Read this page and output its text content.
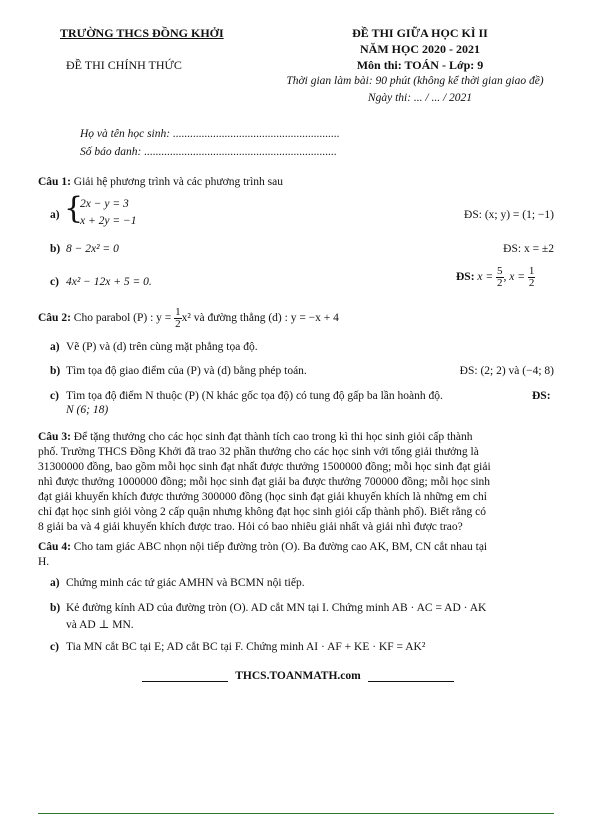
TRƯỜNG THCS ĐỒNG KHỞI
ĐỀ THI CHÍNH THỨC
ĐỀ THI GIỮA HỌC KÌ II
NĂM HỌC 2020 - 2021
Môn thi: TOÁN - Lớp: 9
Thời gian làm bài: 90 phút (không kể thời gian giao đề)
Ngày thi: ... / ... / 2021
Họ và tên học sinh: ..........................................................
Số báo danh: ...................................................................
Câu 1: Giải hệ phương trình và các phương trình sau
a) {
2x − y = 3
x + 2y = −1	ĐS: (x; y) = (1; −1)
b) 8 − 2x² = 0	ĐS: x = ±2
c) 4x² − 12x + 5 = 0.	ĐS: $x = \frac{5}{2}$ , $x = \frac{1}{2}$
Câu 2: Cho parabol (P) : $y = \frac{1}{2} x^2$ và đường thẳng (d) : y = −x + 4
a) Vẽ (P) và (d) trên cùng mặt phẳng tọa độ.
b) Tìm tọa độ giao điểm của (P) và (d) bằng phép toán.	ĐS: (2; 2) và (−4; 8)
c) Tìm tọa độ điểm N thuộc (P) (N khác gốc tọa độ) có tung độ gấp ba lần hoành độ.	ĐS:
N (6; 18)
Câu 3: Để tặng thưởng cho các học sinh đạt thành tích cao trong kì thi học sinh giỏi cấp thành
phố. Trường THCS Đồng Khởi đã trao 32 phần thưởng cho các học sinh với tổng giải thưởng là
31300000 đồng, bao gồm mỗi học sinh đạt nhất được thưởng 1500000 đồng; mỗi học sinh đạt giải
nhì được thưởng 1000000 đồng; mỗi học sinh đạt giải ba được thưởng 700000 đồng; mỗi học sinh
đạt giải khuyến khích được thưởng 300000 đồng (học sinh đạt giải khuyến khích là những em chỉ
chỉ đạt học sinh giỏi vòng 2 cấp quận nhưng không đạt học sinh giỏi cấp thành phố). Biết rằng có
8 giải ba và 4 giải khuyến khích được trao. Hỏi có bao nhiêu giải nhất và giải nhì được trao?
Câu 4: Cho tam giác ABC nhọn nội tiếp đường tròn (O). Ba đường cao AK, BM, CN cắt nhau tại
H.
a) Chứng minh các tứ giác AMHN và BCMN nội tiếp.
b) Kẻ đường kính AD của đường tròn (O). AD cắt MN tại I. Chứng minh AB · AC = AD · AK
và AD ⊥ MN.
c) Tia MN cắt BC tại E; AD cắt BC tại F. Chứng minh AI · AF + KE · KF = AK²
THCS.TOANMATH.com
